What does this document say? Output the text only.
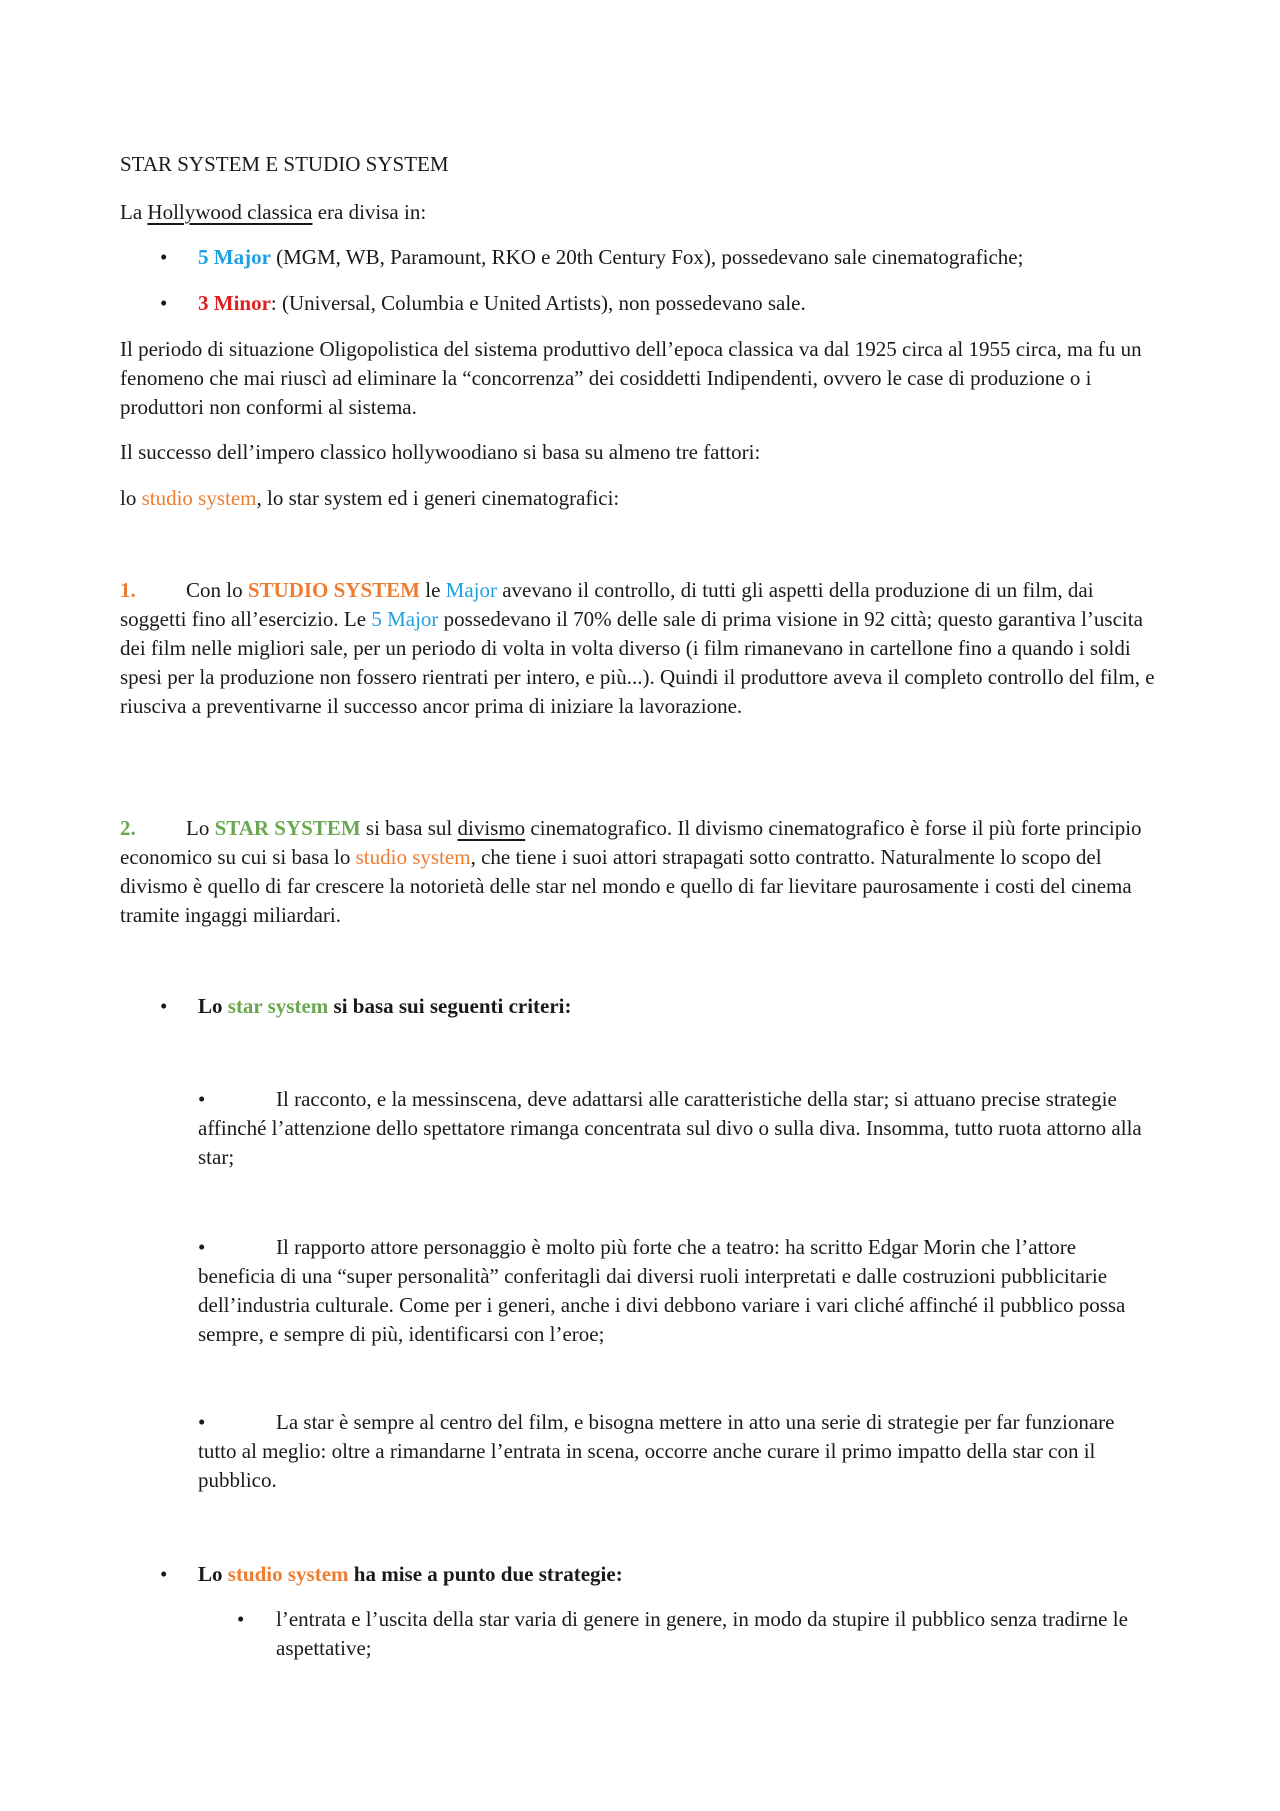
STAR SYSTEM E STUDIO SYSTEM

La Hollywood classica era divisa in:

• 5 Major (MGM, WB, Paramount, RKO e 20th Century Fox), possedevano sale cinematografiche;

• 3 Minor: (Universal, Columbia e United Artists), non possedevano sale.

Il periodo di situazione Oligopolistica del sistema produttivo dell’epoca classica va dal 1925 circa al 1955 circa, ma fu un fenomeno che mai riuscì ad eliminare la “concorrenza” dei cosiddetti Indipendenti, ovvero le case di produzione o i produttori non conformi al sistema.

Il successo dell’impero classico hollywoodiano si basa su almeno tre fattori:

lo studio system, lo star system ed i generi cinematografici:

1. Con lo STUDIO SYSTEM le Major avevano il controllo, di tutti gli aspetti della produzione di un film, dai soggetti fino all’esercizio. Le 5 Major possedevano il 70% delle sale di prima visione in 92 città; questo garantiva l’uscita dei film nelle migliori sale, per un periodo di volta in volta diverso (i film rimanevano in cartellone fino a quando i soldi spesi per la produzione non fossero rientrati per intero, e più...). Quindi il produttore aveva il completo controllo del film, e riusciva a preventivarne il successo ancor prima di iniziare la lavorazione.

2. Lo STAR SYSTEM si basa sul divismo cinematografico. Il divismo cinematografico è forse il più forte principio economico su cui si basa lo studio system, che tiene i suoi attori strapagati sotto contratto. Naturalmente lo scopo del divismo è quello di far crescere la notorietà delle star nel mondo e quello di far lievitare paurosamente i costi del cinema tramite ingaggi miliardari.

• Lo star system si basa sui seguenti criteri:

•	Il racconto, e la messinscena, deve adattarsi alle caratteristiche della star; si attuano precise strategie affinché l’attenzione dello spettatore rimanga concentrata sul divo o sulla diva. Insomma, tutto ruota attorno alla star;

•	Il rapporto attore personaggio è molto più forte che a teatro: ha scritto Edgar Morin che l’attore beneficia di una “super personalità” conferitagli dai diversi ruoli interpretati e dalle costruzioni pubblicitarie dell’industria culturale. Come per i generi, anche i divi debbono variare i vari cliché affinché il pubblico possa sempre, e sempre di più, identificarsi con l’eroe;

•	La star è sempre al centro del film, e bisogna mettere in atto una serie di strategie per far funzionare tutto al meglio: oltre a rimandarne l’entrata in scena, occorre anche curare il primo impatto della star con il pubblico.

• Lo studio system ha mise a punto due strategie:

• l’entrata e l’uscita della star varia di genere in genere, in modo da stupire il pubblico senza tradirne le aspettative;
